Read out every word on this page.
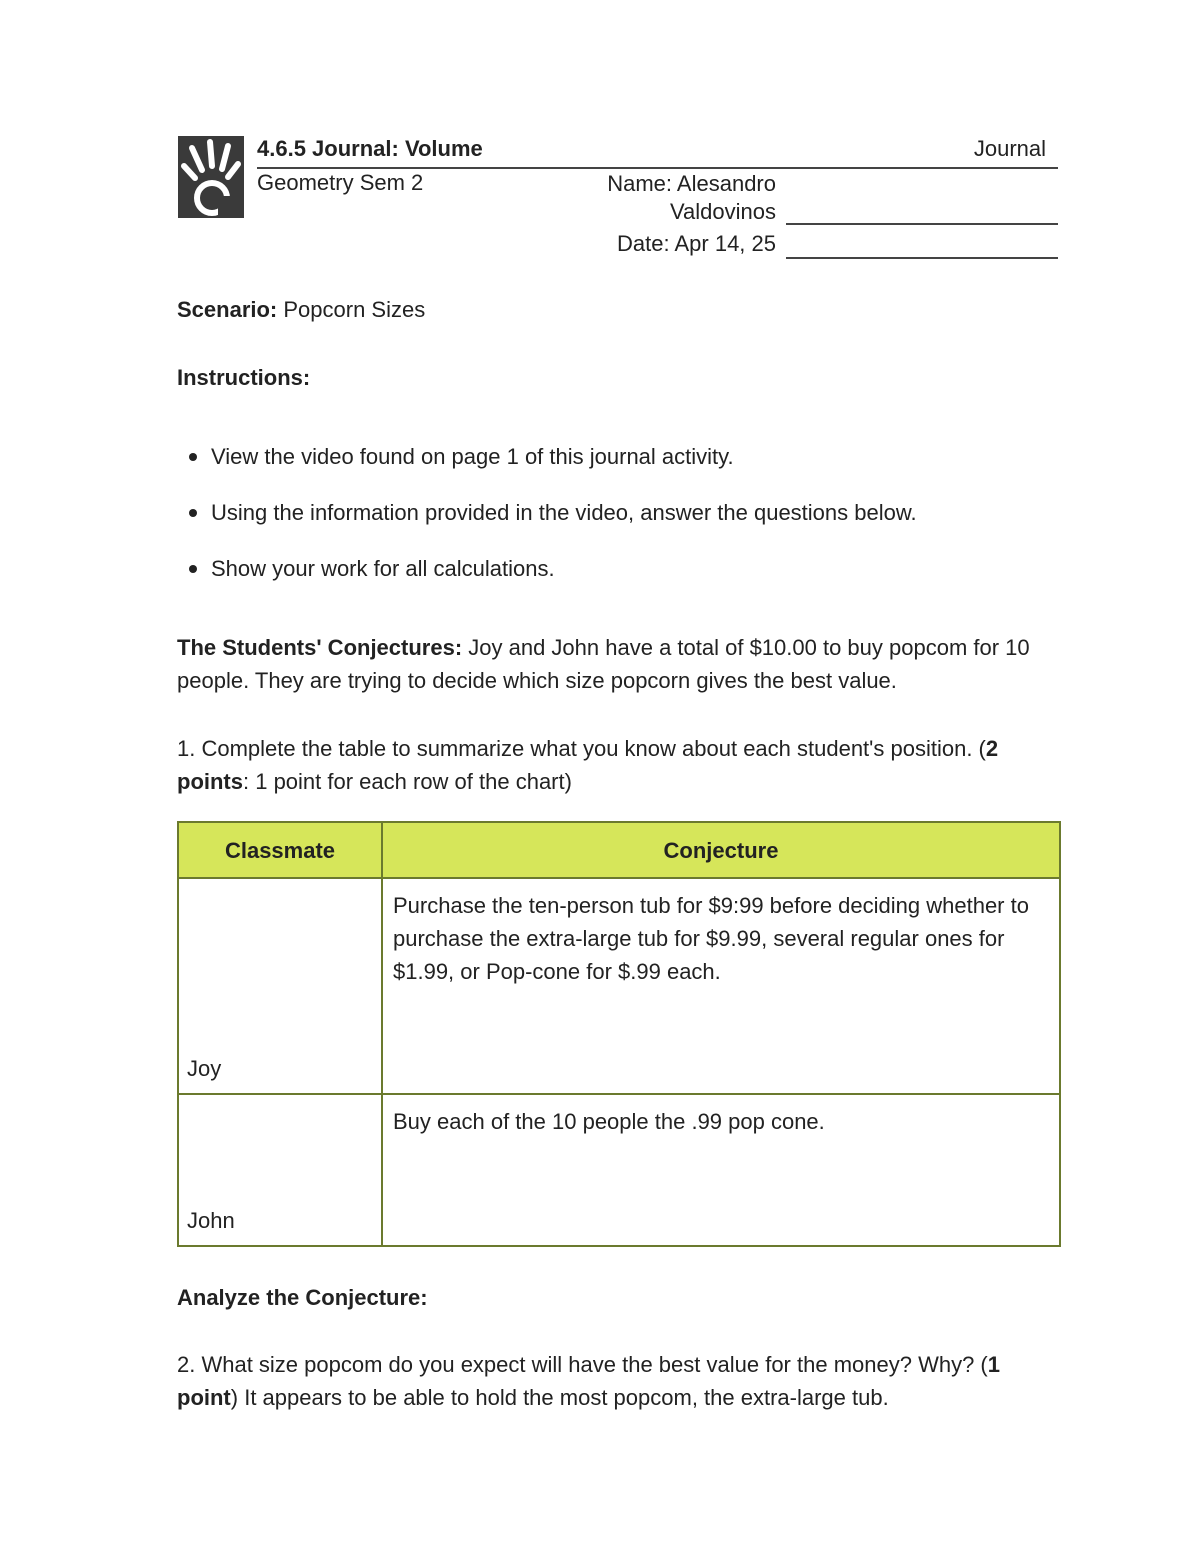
4.6.5 Journal: Volume	Journal
Geometry Sem 2	Name: Alesandro
Valdovinos
Date: Apr 14, 25
Scenario: Popcorn Sizes
Instructions:
View the video found on page 1 of this journal activity.
Using the information provided in the video, answer the questions below.
Show your work for all calculations.
The Students' Conjectures: Joy and John have a total of $10.00 to buy popcom for 10 people. They are trying to decide which size popcorn gives the best value.
1. Complete the table to summarize what you know about each student's position. (2 points: 1 point for each row of the chart)
Classmate	Conjecture
Joy	Purchase the ten-person tub for $9:99 before deciding whether to purchase the extra-large tub for $9.99, several regular ones for $1.99, or Pop-cone for $.99 each.
John	Buy each of the 10 people the .99 pop cone.
Analyze the Conjecture:
2. What size popcom do you expect will have the best value for the money? Why? (1 point) It appears to be able to hold the most popcom, the extra-large tub.
